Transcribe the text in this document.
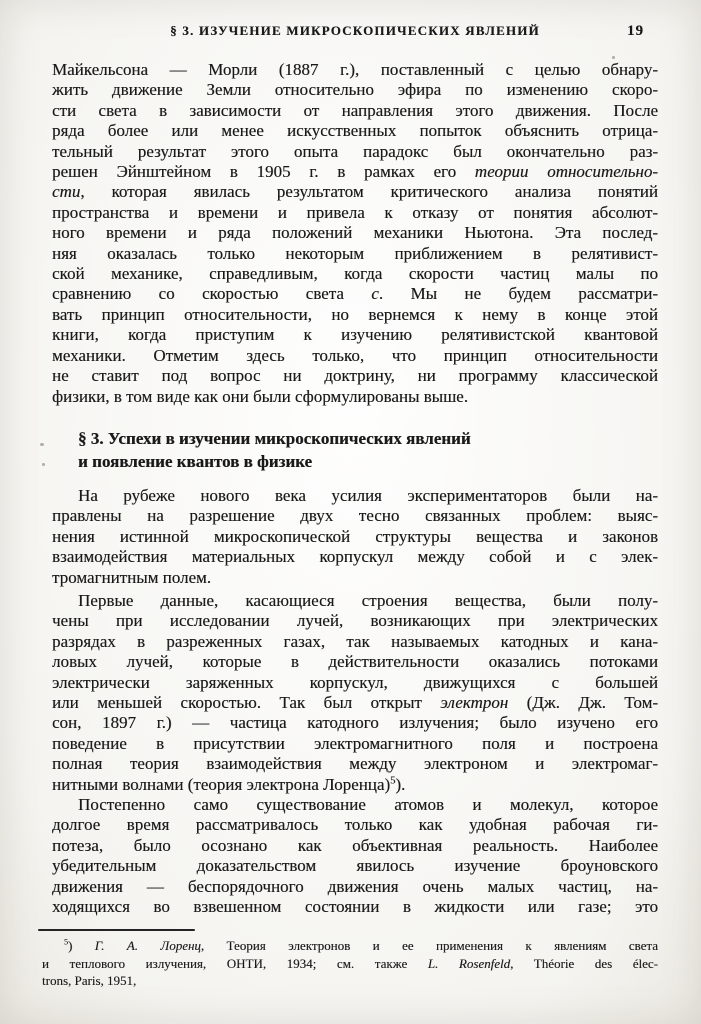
§ 3. ИЗУЧЕНИЕ МИКРОСКОПИЧЕСКИХ ЯВЛЕНИЙ	19
Майкельсона — Морли (1887 г.), поставленный с целью обнару-
жить движение Земли относительно эфира по изменению скоро-
сти света в зависимости от направления этого движения. После
ряда более или менее искусственных попыток объяснить отрица-
тельный результат этого опыта парадокс был окончательно раз-
решен Эйнштейном в 1905 г. в рамках его теории относительно-
сти, которая явилась результатом критического анализа понятий
пространства и времени и привела к отказу от понятия абсолют-
ного времени и ряда положений механики Ньютона. Эта послед-
няя оказалась только некоторым приближением в релятивист-
ской механике, справедливым, когда скорости частиц малы по
сравнению со скоростью света с. Мы не будем рассматри-
вать принцип относительности, но вернемся к нему в конце этой
книги, когда приступим к изучению релятивистской квантовой
механики. Отметим здесь только, что принцип относительности
не ставит под вопрос ни доктрину, ни программу классической
физики, в том виде как они были сформулированы выше.
§ 3. Успехи в изучении микроскопических явлений
и появление квантов в физике
На рубеже нового века усилия экспериментаторов были на-
правлены на разрешение двух тесно связанных проблем: выяс-
нения истинной микроскопической структуры вещества и законов
взаимодействия материальных корпускул между собой и с элек-
тромагнитным полем.
Первые данные, касающиеся строения вещества, были полу-
чены при исследовании лучей, возникающих при электрических
разрядах в разреженных газах, так называемых катодных и кана-
ловых лучей, которые в действительности оказались потоками
электрически заряженных корпускул, движущихся с большей
или меньшей скоростью. Так был открыт электрон (Дж. Дж. Том-
сон, 1897 г.) — частица катодного излучения; было изучено его
поведение в присутствии электромагнитного поля и построена
полная теория взаимодействия между электроном и электромаг-
нитными волнами (теория электрона Лоренца)$^5$).
Постепенно само существование атомов и молекул, которое
долгое время рассматривалось только как удобная рабочая ги-
потеза, было осознано как объективная реальность. Наиболее
убедительным доказательством явилось изучение броуновского
движения — беспорядочного движения очень малых частиц, на-
ходящихся во взвешенном состоянии в жидкости или газе; это
$^5$) Г. А. Лоренц, Теория электронов и ее применения к явлениям света
и теплового излучения, ОНТИ, 1934; см. также L. Rosenfeld, Théorie des élec-
trons, Paris, 1951,
